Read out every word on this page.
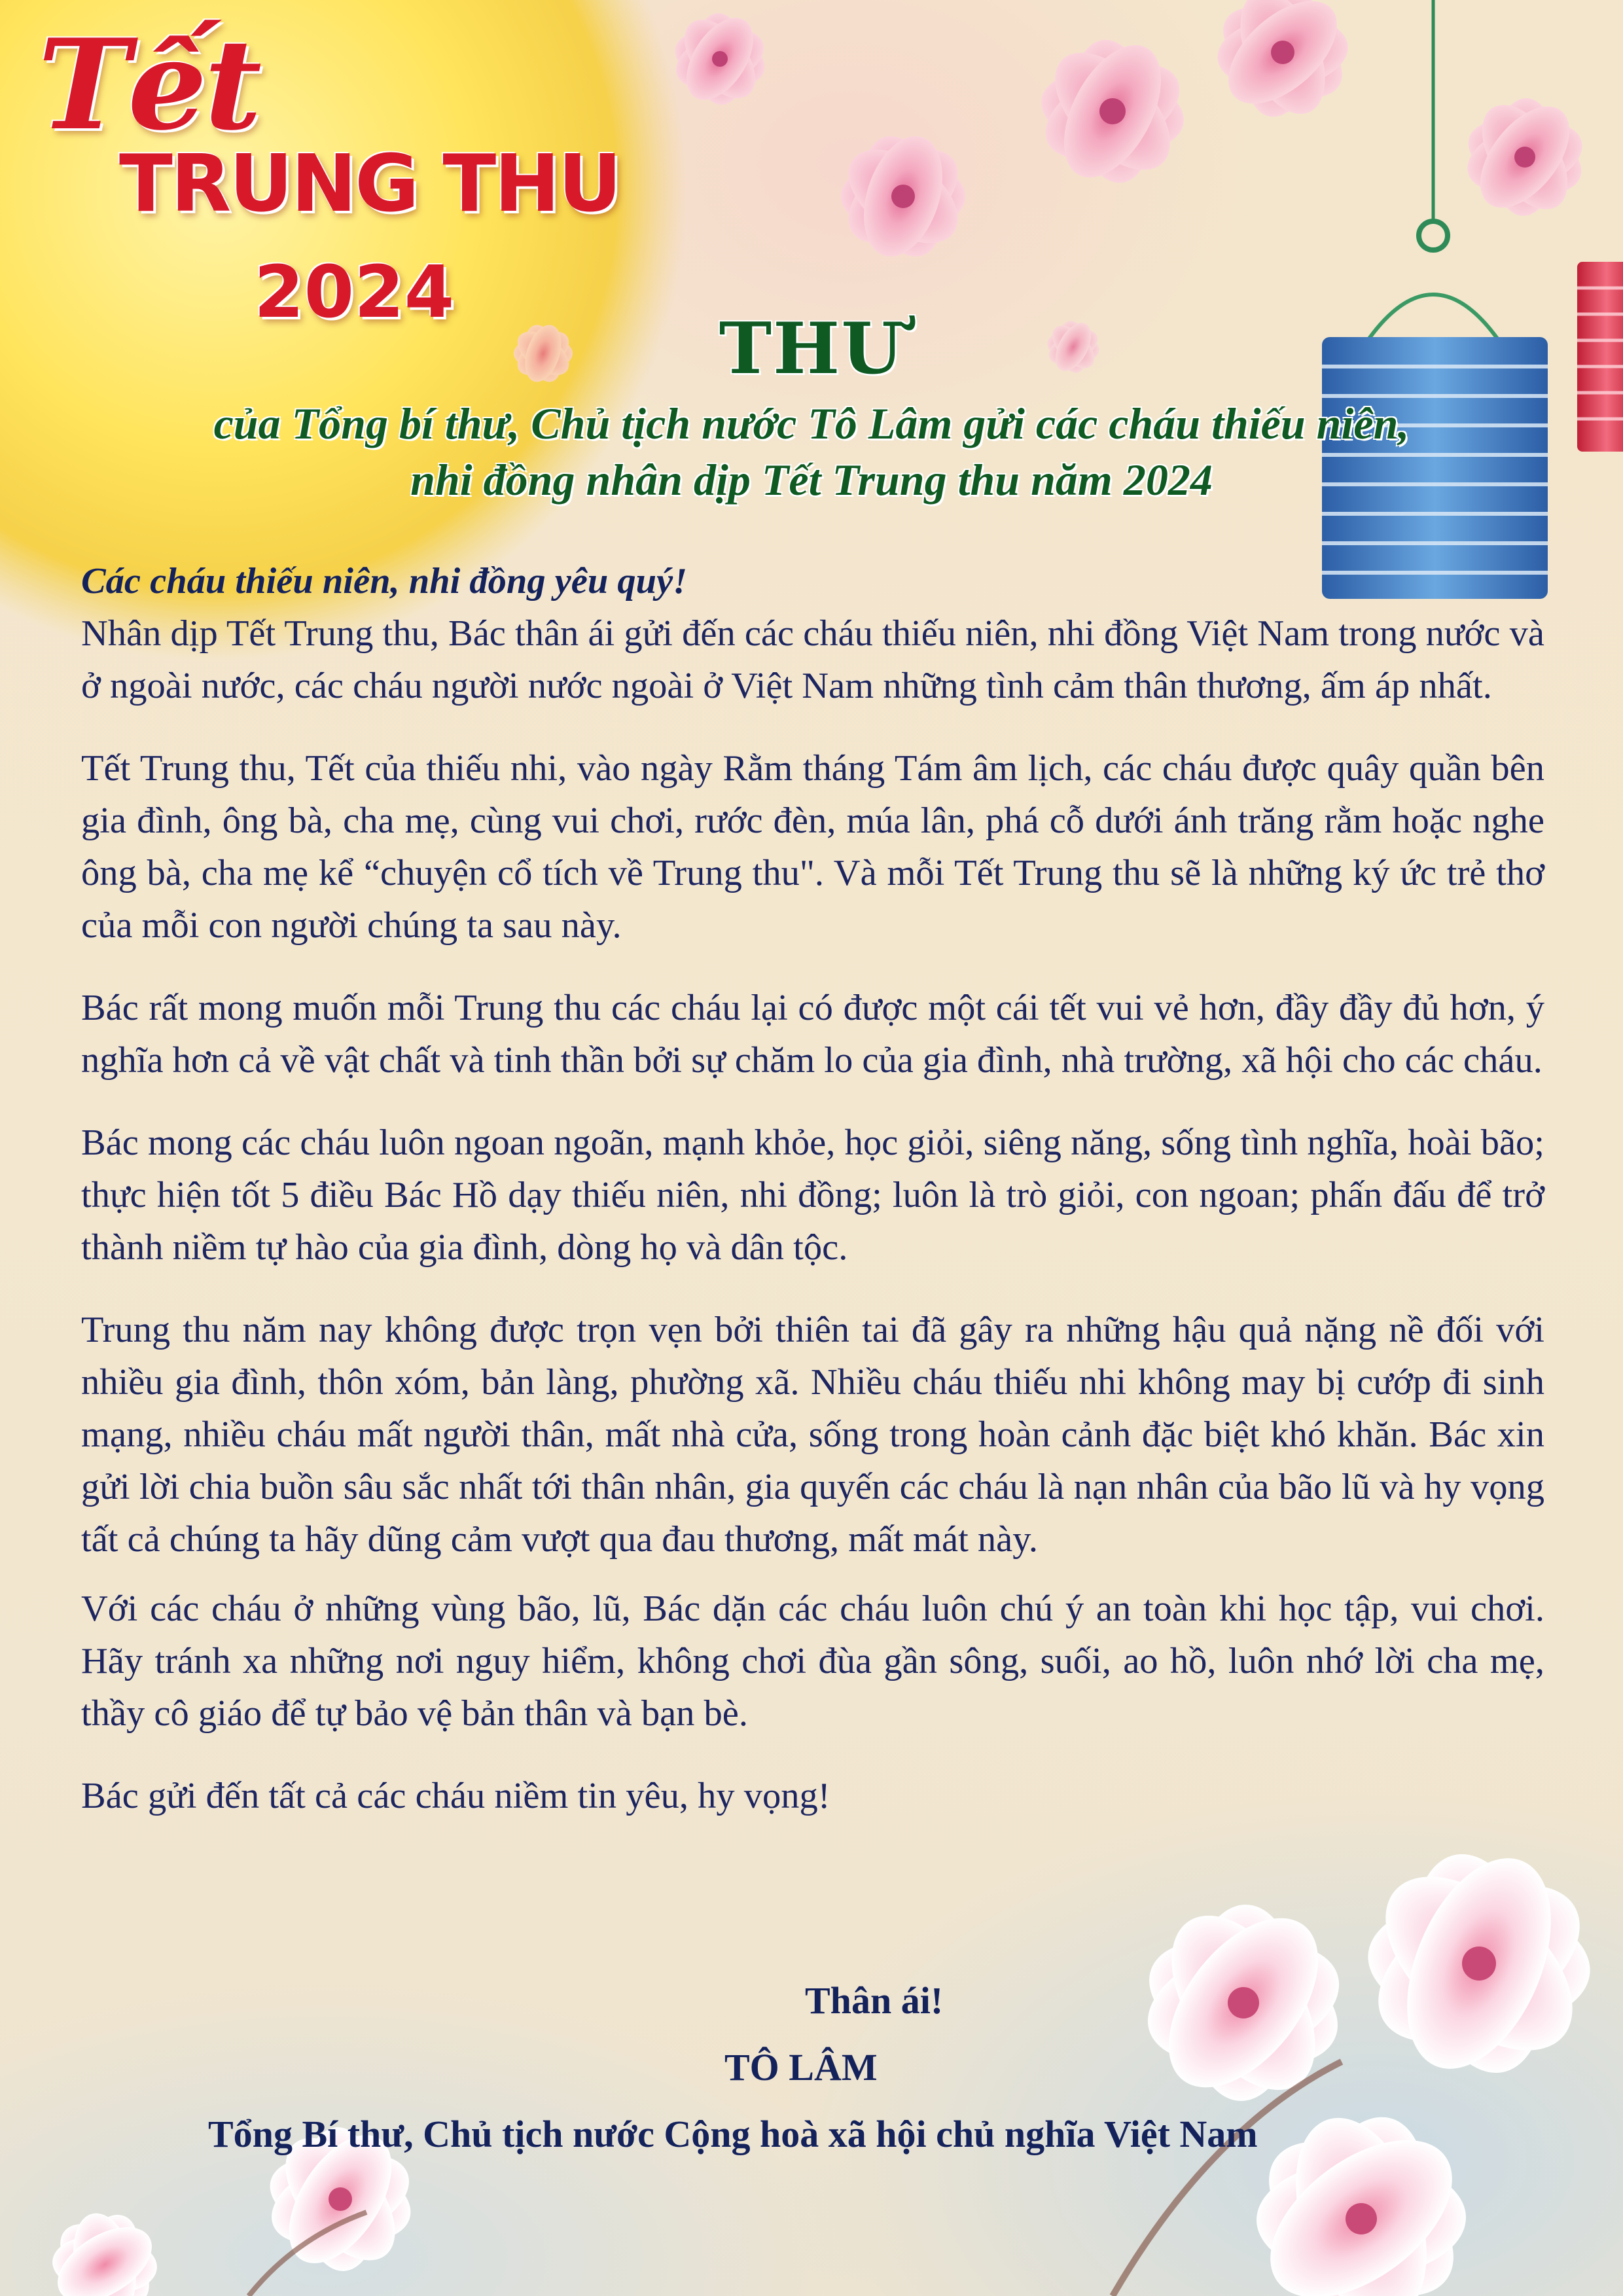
Tết
TRUNG THU
2024
THƯ
của Tổng bí thư, Chủ tịch nước Tô Lâm gửi các cháu thiếu niên,
nhi đồng nhân dịp Tết Trung thu năm 2024

Các cháu thiếu niên, nhi đồng yêu quý!

Nhân dịp Tết Trung thu, Bác thân ái gửi đến các cháu thiếu niên, nhi đồng Việt Nam trong nước và ở ngoài nước, các cháu người nước ngoài ở Việt Nam những tình cảm thân thương, ấm áp nhất.

Tết Trung thu, Tết của thiếu nhi, vào ngày Rằm tháng Tám âm lịch, các cháu được quây quần bên gia đình, ông bà, cha mẹ, cùng vui chơi, rước đèn, múa lân, phá cỗ dưới ánh trăng rằm hoặc nghe ông bà, cha mẹ kể “chuyện cổ tích về Trung thu". Và mỗi Tết Trung thu sẽ là những ký ức trẻ thơ của mỗi con người chúng ta sau này.

Bác rất mong muốn mỗi Trung thu các cháu lại có được một cái tết vui vẻ hơn, đầy đầy đủ hơn, ý nghĩa hơn cả về vật chất và tinh thần bởi sự chăm lo của gia đình, nhà trường, xã hội cho các cháu.

Bác mong các cháu luôn ngoan ngoãn, mạnh khỏe, học giỏi, siêng năng, sống tình nghĩa, hoài bão; thực hiện tốt 5 điều Bác Hồ dạy thiếu niên, nhi đồng; luôn là trò giỏi, con ngoan; phấn đấu để trở thành niềm tự hào của gia đình, dòng họ và dân tộc.

Trung thu năm nay không được trọn vẹn bởi thiên tai đã gây ra những hậu quả nặng nề đối với nhiều gia đình, thôn xóm, bản làng, phường xã. Nhiều cháu thiếu nhi không may bị cướp đi sinh mạng, nhiều cháu mất người thân, mất nhà cửa, sống trong hoàn cảnh đặc biệt khó khăn. Bác xin gửi lời chia buồn sâu sắc nhất tới thân nhân, gia quyến các cháu là nạn nhân của bão lũ và hy vọng tất cả chúng ta hãy dũng cảm vượt qua đau thương, mất mát này.

Với các cháu ở những vùng bão, lũ, Bác dặn các cháu luôn chú ý an toàn khi học tập, vui chơi. Hãy tránh xa những nơi nguy hiểm, không chơi đùa gần sông, suối, ao hồ, luôn nhớ lời cha mẹ, thầy cô giáo để tự bảo vệ bản thân và bạn bè.

Bác gửi đến tất cả các cháu niềm tin yêu, hy vọng!

Thân ái!
TÔ LÂM
Tổng Bí thư, Chủ tịch nước Cộng hoà xã hội chủ nghĩa Việt Nam
